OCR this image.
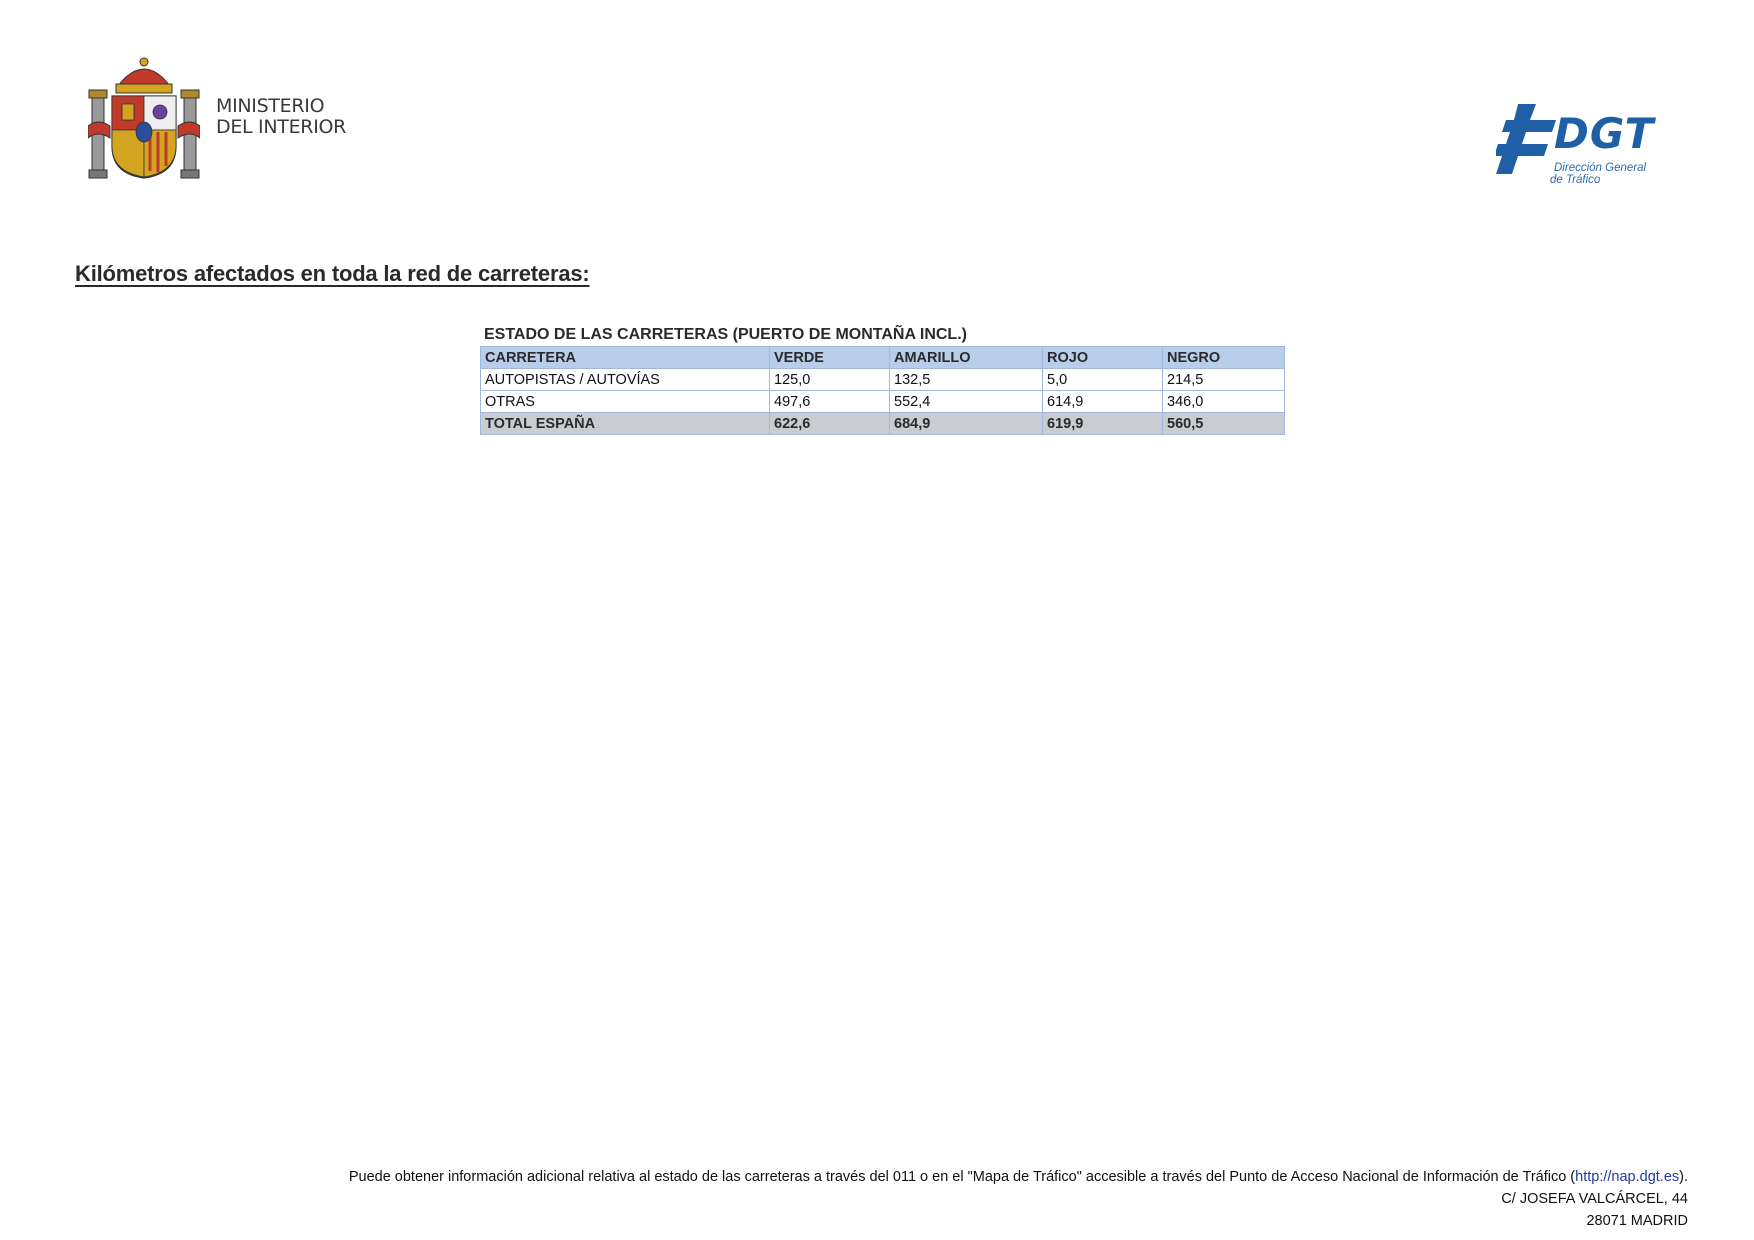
MINISTERIO
DEL INTERIOR	DGT
Dirección General
de Tráfico
Kilómetros afectados en toda la red de carreteras:
ESTADO DE LAS CARRETERAS (PUERTO DE MONTAÑA INCL.)
CARRETERA	VERDE	AMARILLO	ROJO	NEGRO
AUTOPISTAS / AUTOVÍAS	125,0	132,5	5,0	214,5
OTRAS	497,6	552,4	614,9	346,0
TOTAL ESPAÑA	622,6	684,9	619,9	560,5
Puede obtener información adicional relativa al estado de las carreteras a través del 011 o en el "Mapa de Tráfico" accesible a través del Punto de Acceso Nacional de Información de Tráfico (http://nap.dgt.es).
C/ JOSEFA VALCÁRCEL, 44
28071 MADRID
